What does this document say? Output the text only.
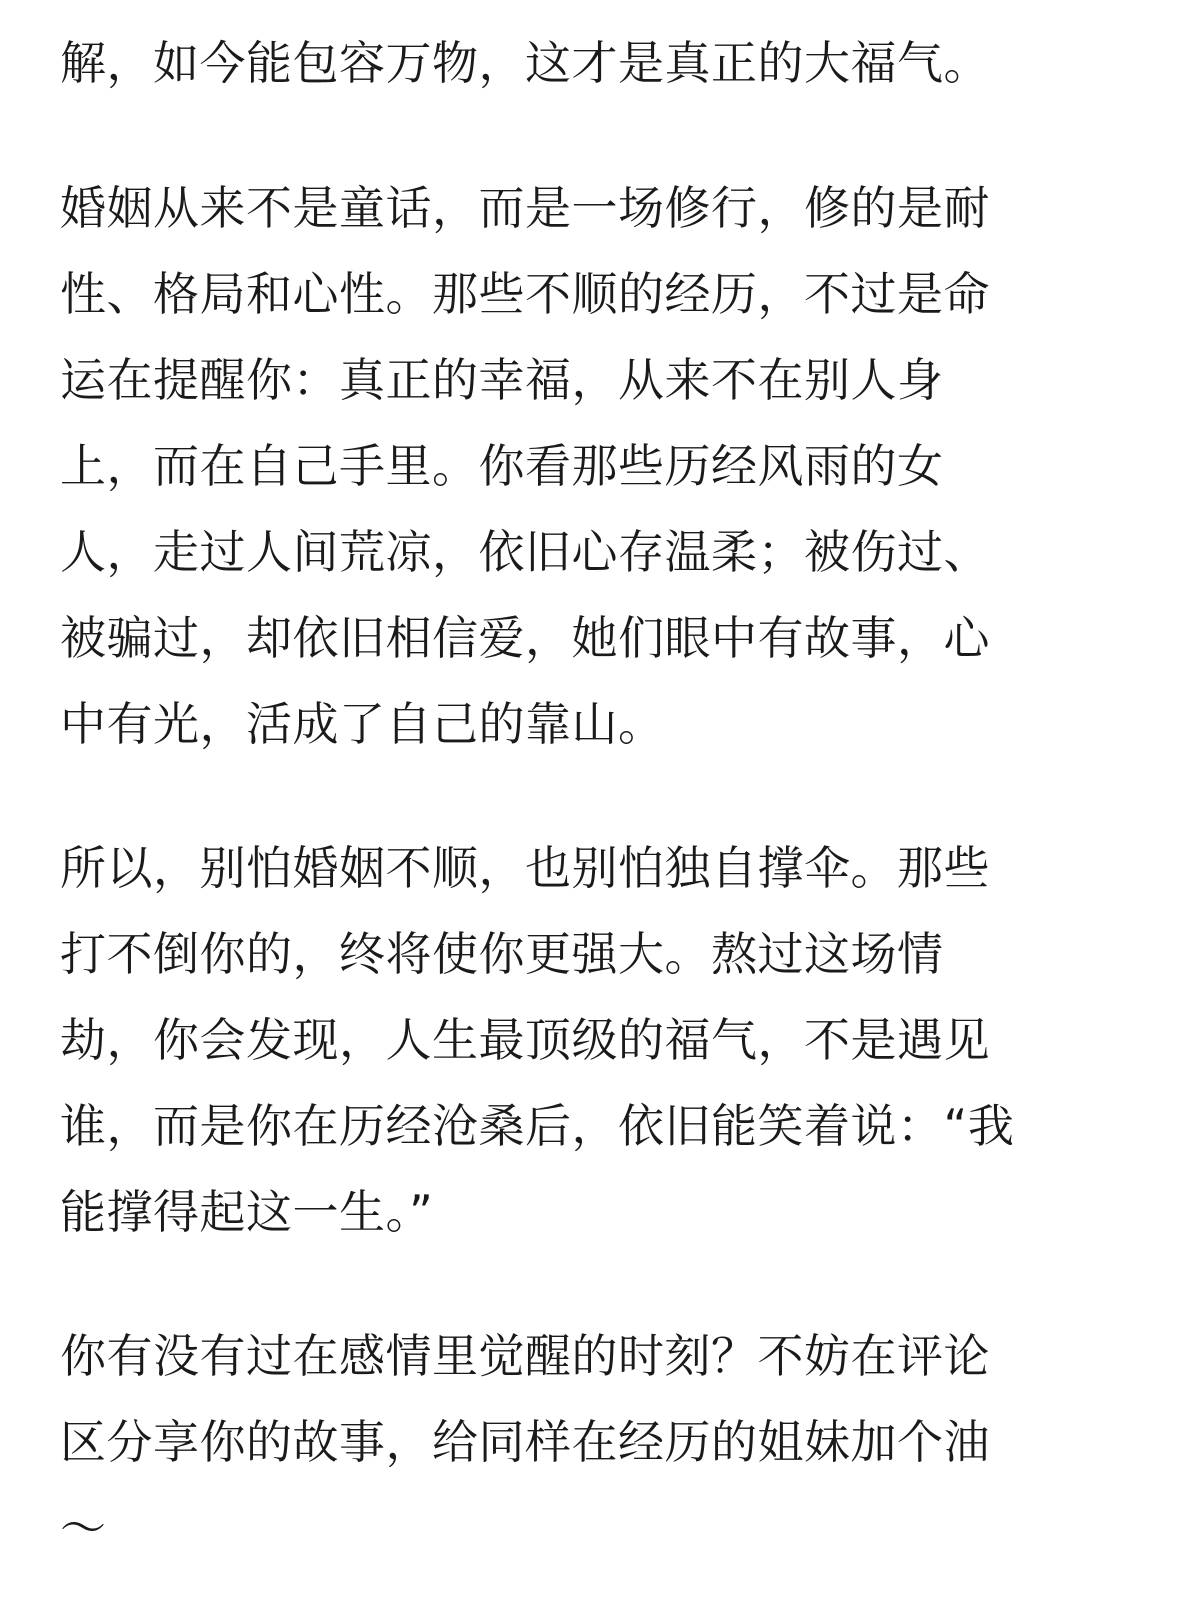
解，如今能包容万物，这才是真正的大福气。
婚姻从来不是童话，而是一场修行，修的是耐
性、格局和心性。那些不顺的经历，不过是命
运在提醒你：真正的幸福，从来不在别人身
上，而在自己手里。你看那些历经风雨的女
人，走过人间荒凉，依旧心存温柔；被伤过、
被骗过，却依旧相信爱，她们眼中有故事，心
中有光，活成了自己的靠山。
所以，别怕婚姻不顺，也别怕独自撑伞。那些
打不倒你的，终将使你更强大。熬过这场情
劫，你会发现，人生最顶级的福气，不是遇见
谁，而是你在历经沧桑后，依旧能笑着说：“我
能撑得起这一生。”
你有没有过在感情里觉醒的时刻？不妨在评论
区分享你的故事，给同样在经历的姐妹加个油
～
